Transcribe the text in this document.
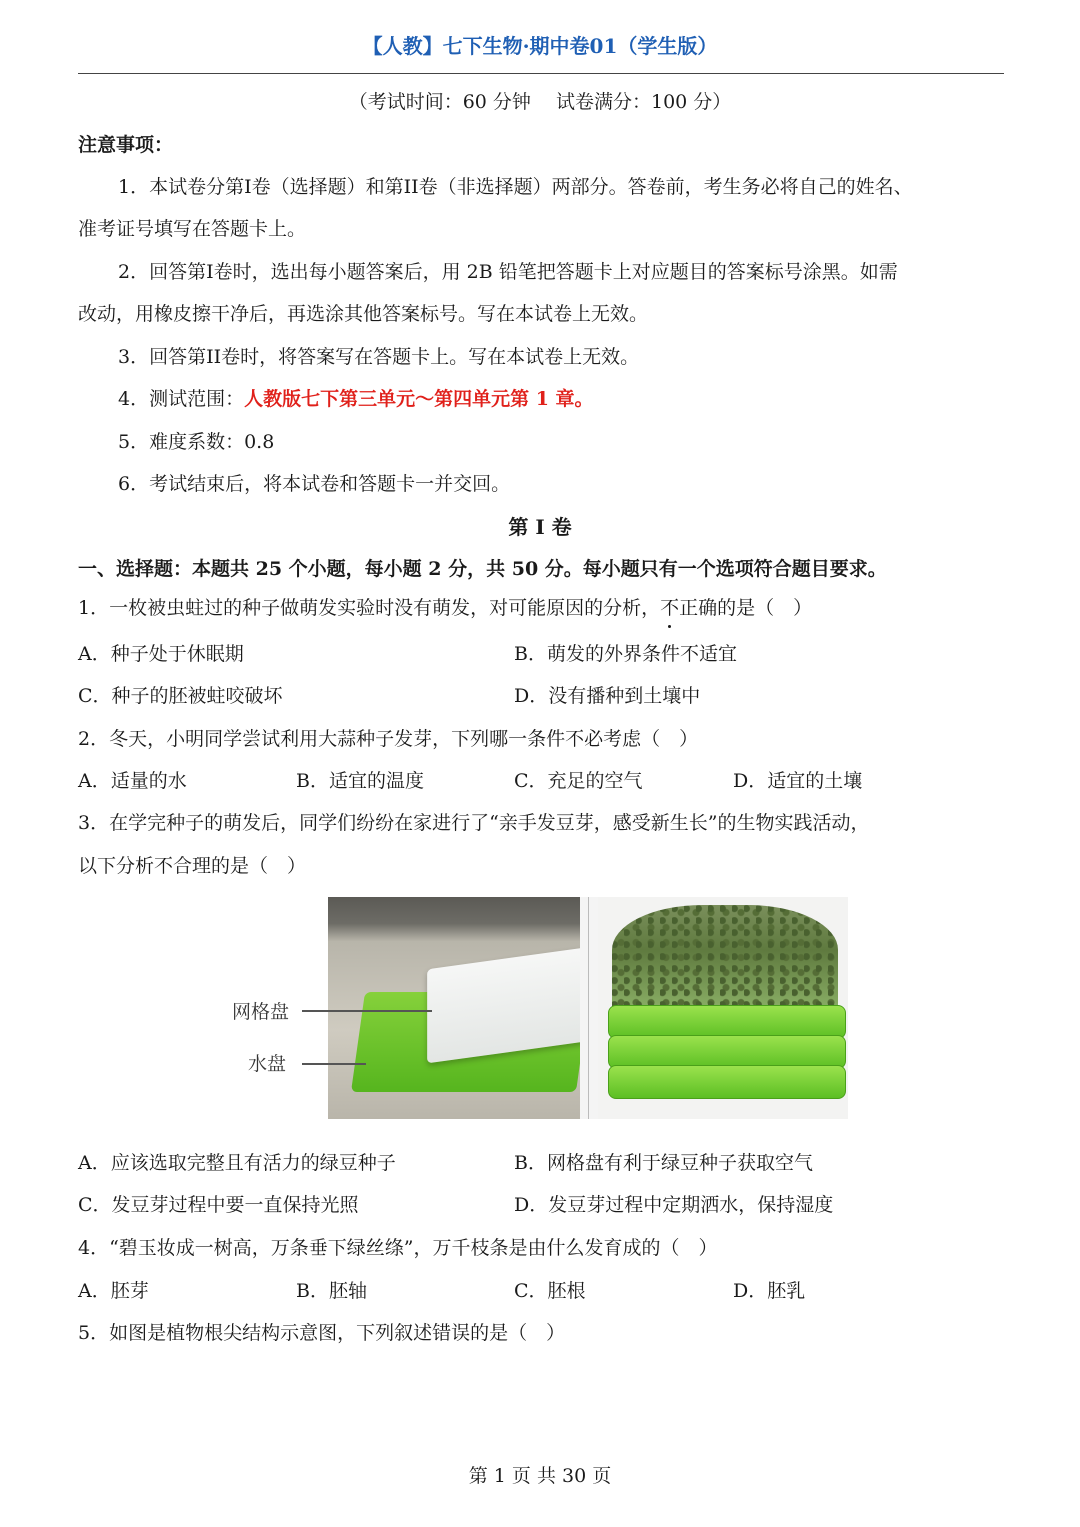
【人教】七下生物·期中卷01（学生版）
（考试时间：60 分钟　 试卷满分：100 分）
注意事项：
1．本试卷分第I卷（选择题）和第II卷（非选择题）两部分。答卷前，考生务必将自己的姓名、
准考证号填写在答题卡上。
2．回答第I卷时，选出每小题答案后，用 2B 铅笔把答题卡上对应题目的答案标号涂黑。如需
改动，用橡皮擦干净后，再选涂其他答案标号。写在本试卷上无效。
3．回答第II卷时，将答案写在答题卡上。写在本试卷上无效。
4．测试范围：人教版七下第三单元～第四单元第 1 章。
5．难度系数：0.8
6．考试结束后，将本试卷和答题卡一并交回。
第 I 卷
一、选择题：本题共 25 个小题，每小题 2 分，共 50 分。每小题只有一个选项符合题目要求。
1．一枚被虫蛀过的种子做萌发实验时没有萌发，对可能原因的分析，不正确的是（　）
A．种子处于休眠期	B．萌发的外界条件不适宜
C．种子的胚被蛀咬破坏	D．没有播种到土壤中
2．冬天，小明同学尝试利用大蒜种子发芽，下列哪一条件不必考虑（　）
A．适量的水	B．适宜的温度	C．充足的空气	D．适宜的土壤
3．在学完种子的萌发后，同学们纷纷在家进行了“亲手发豆芽，感受新生长”的生物实践活动，
以下分析不合理的是（　）
网格盘
水盘
A．应该选取完整且有活力的绿豆种子	B．网格盘有利于绿豆种子获取空气
C．发豆芽过程中要一直保持光照	D．发豆芽过程中定期洒水，保持湿度
4．“碧玉妆成一树高，万条垂下绿丝绦”，万千枝条是由什么发育成的（　）
A．胚芽	B．胚轴	C．胚根	D．胚乳
5．如图是植物根尖结构示意图，下列叙述错误的是（　）
第 1 页 共 30 页
